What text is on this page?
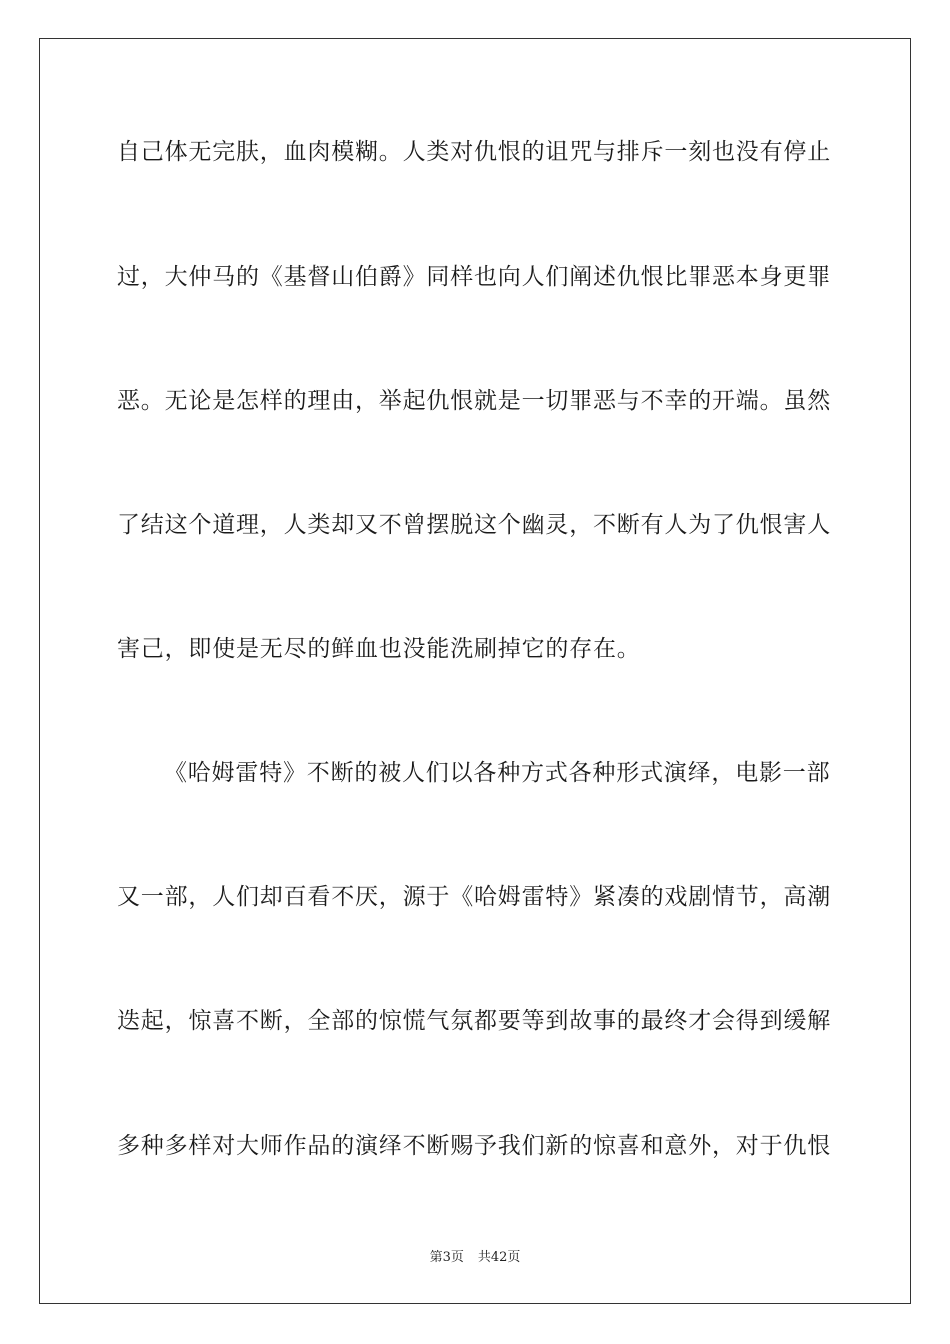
自己体无完肤，血肉模糊。人类对仇恨的诅咒与排斥一刻也没有停止
过，大仲马的《基督山伯爵》同样也向人们阐述仇恨比罪恶本身更罪
恶。无论是怎样的理由，举起仇恨就是一切罪恶与不幸的开端。虽然
了结这个道理，人类却又不曾摆脱这个幽灵，不断有人为了仇恨害人
害己，即使是无尽的鲜血也没能洗刷掉它的存在。
《哈姆雷特》不断的被人们以各种方式各种形式演绎，电影一部
又一部，人们却百看不厌，源于《哈姆雷特》紧凑的戏剧情节，高潮
迭起，惊喜不断，全部的惊慌气氛都要等到故事的最终才会得到缓解
多种多样对大师作品的演绎不断赐予我们新的惊喜和意外，对于仇恨
第3页 共42页
